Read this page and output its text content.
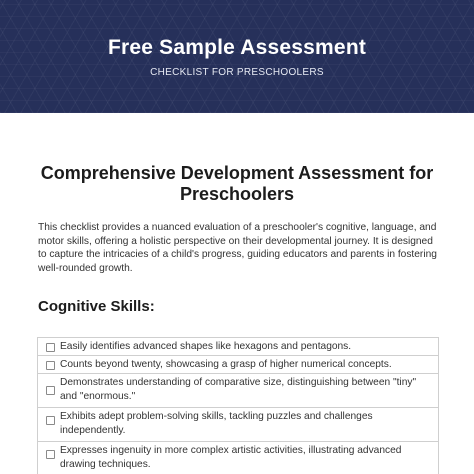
Free Sample Assessment
CHECKLIST FOR PRESCHOOLERS
Comprehensive Development Assessment for Preschoolers
This checklist provides a nuanced evaluation of a preschooler's cognitive, language, and motor skills, offering a holistic perspective on their developmental journey. It is designed to capture the intricacies of a child's progress, guiding educators and parents in fostering well-rounded growth.
Cognitive Skills:
Easily identifies advanced shapes like hexagons and pentagons.
Counts beyond twenty, showcasing a grasp of higher numerical concepts.
Demonstrates understanding of comparative size, distinguishing between "tiny" and "enormous."
Exhibits adept problem-solving skills, tackling puzzles and challenges independently.
Expresses ingenuity in more complex artistic activities, illustrating advanced drawing techniques.
